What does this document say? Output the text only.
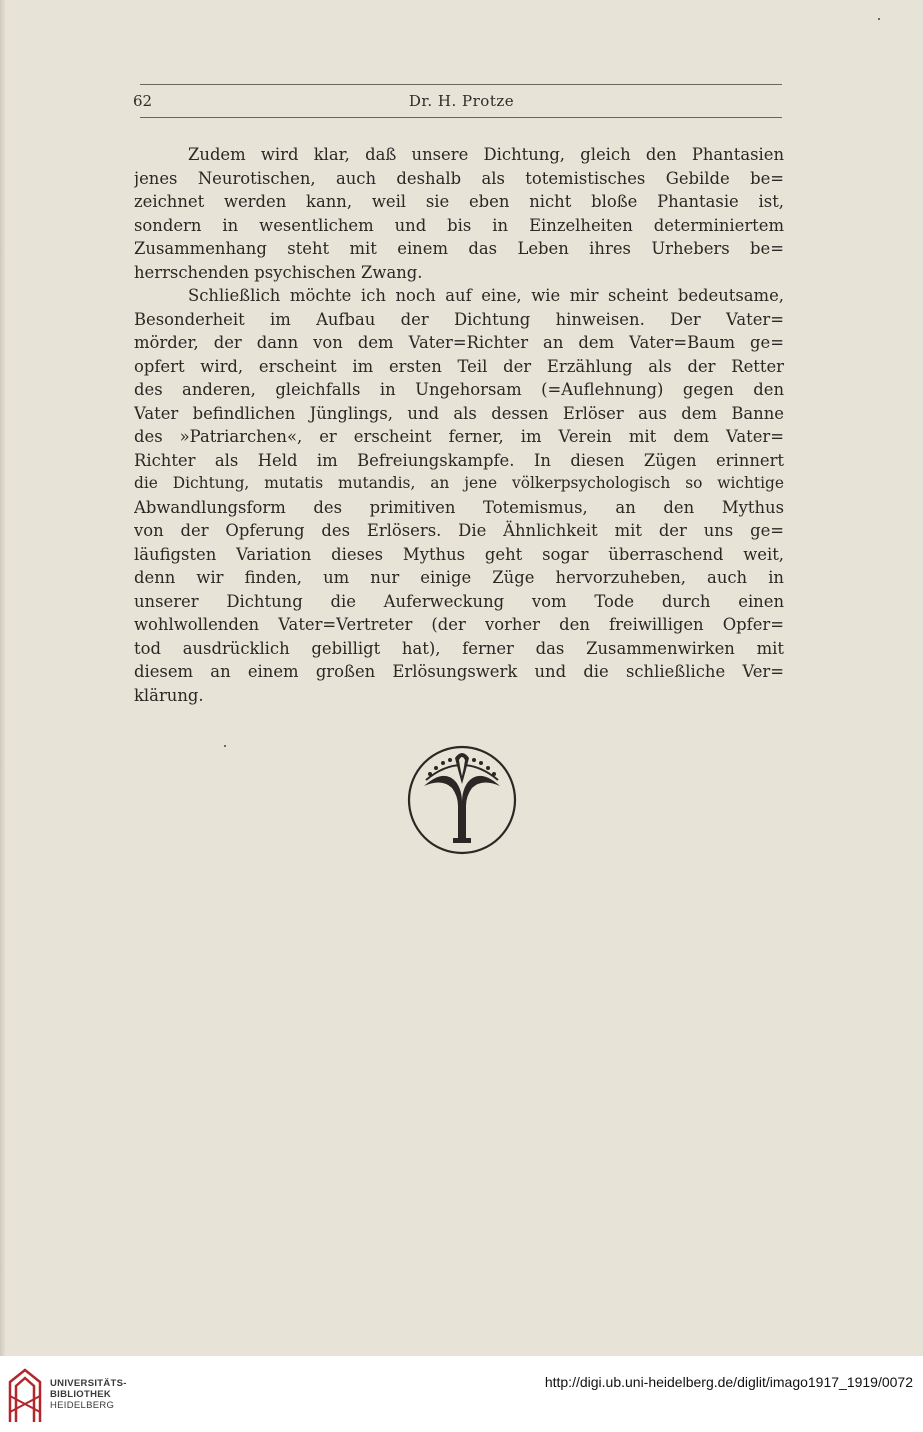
62	Dr. H. Protze
Zudem wird klar, daß unsere Dichtung, gleich den Phantasien
jenes Neurotischen, auch deshalb als totemistisches Gebilde be=
zeichnet werden kann, weil sie eben nicht bloße Phantasie ist,
sondern in wesentlichem und bis in Einzelheiten determiniertem
Zusammenhang steht mit einem das Leben ihres Urhebers be=
herrschenden psychischen Zwang.
Schließlich möchte ich noch auf eine, wie mir scheint bedeutsame,
Besonderheit im Aufbau der Dichtung hinweisen. Der Vater=
mörder, der dann von dem Vater=Richter an dem Vater=Baum ge=
opfert wird, erscheint im ersten Teil der Erzählung als der Retter
des anderen, gleichfalls in Ungehorsam (=Auflehnung) gegen den
Vater befindlichen Jünglings, und als dessen Erlöser aus dem Banne
des »Patriarchen«, er erscheint ferner, im Verein mit dem Vater=
Richter als Held im Befreiungskampfe. In diesen Zügen erinnert
die Dichtung, mutatis mutandis, an jene völkerpsychologisch so wichtige
Abwandlungsform des primitiven Totemismus, an den Mythus
von der Opferung des Erlösers. Die Ähnlichkeit mit der uns ge=
läufigsten Variation dieses Mythus geht sogar überraschend weit,
denn wir finden, um nur einige Züge hervorzuheben, auch in
unserer Dichtung die Auferweckung vom Tode durch einen
wohlwollenden Vater=Vertreter (der vorher den freiwilligen Opfer=
tod ausdrücklich gebilligt hat), ferner das Zusammenwirken mit
diesem an einem großen Erlösungswerk und die schließliche Ver=
klärung.
UNIVERSITÄTS-
BIBLIOTHEK
HEIDELBERG
http://digi.ub.uni-heidelberg.de/diglit/imago1917_1919/0072
